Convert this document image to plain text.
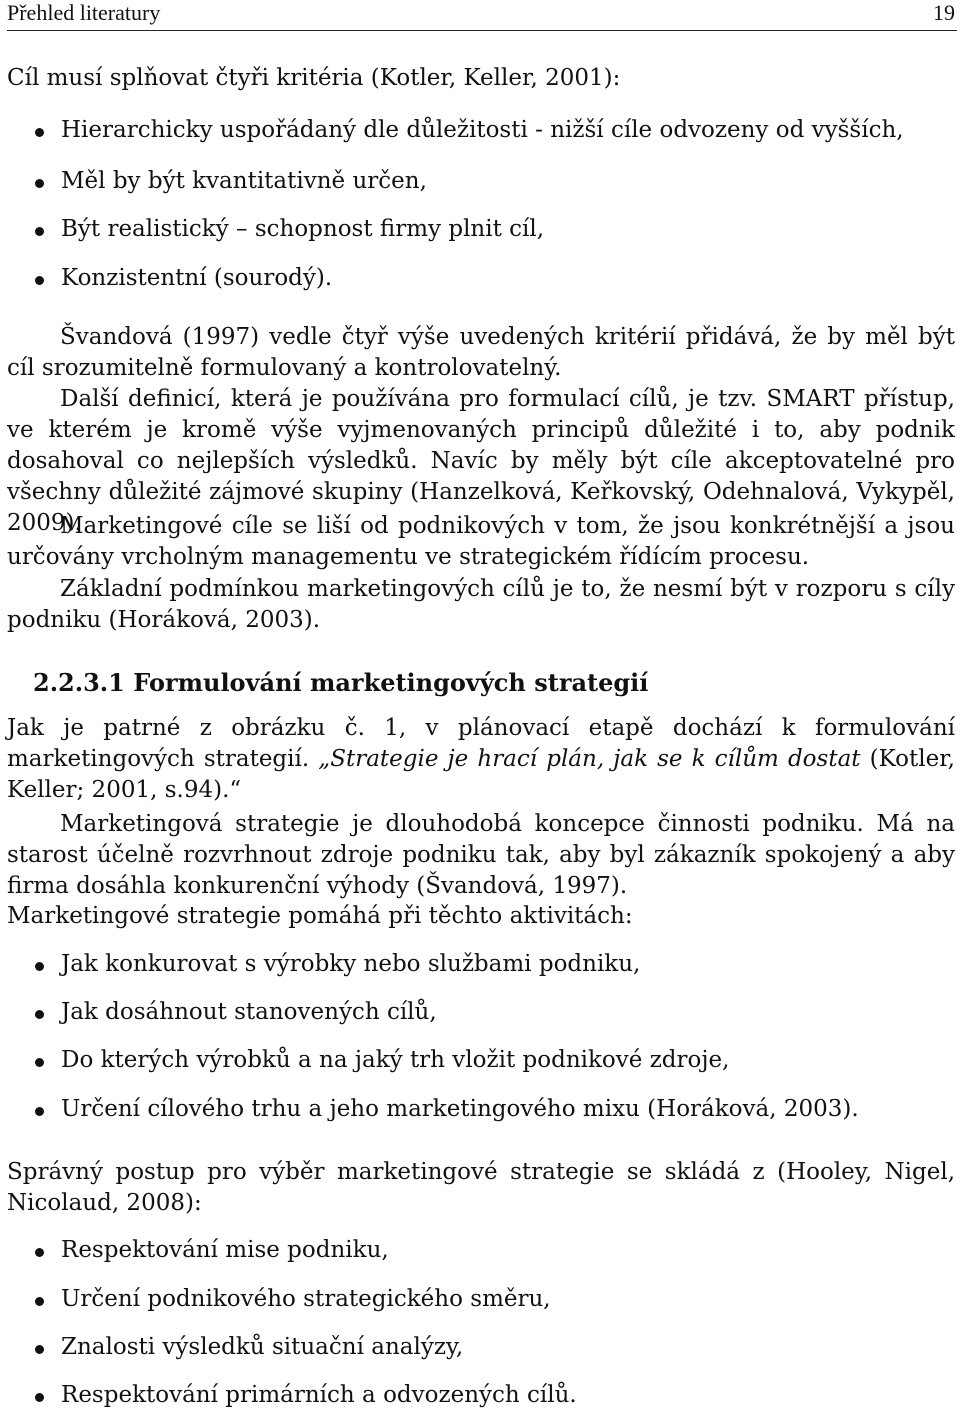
Přehled literatury	19
Cíl musí splňovat čtyři kritéria (Kotler, Keller, 2001):
Hierarchicky uspořádaný dle důležitosti - nižší cíle odvozeny od vyšších,
Měl by být kvantitativně určen,
Být realistický – schopnost firmy plnit cíl,
Konzistentní (sourodý).
Švandová (1997) vedle čtyř výše uvedených kritérií přidává, že by měl být cíl srozumitelně formulovaný a kontrolovatelný.
Další definicí, která je používána pro formulací cílů, je tzv. SMART přístup, ve kterém je kromě výše vyjmenovaných principů důležité i to, aby podnik dosahoval co nejlepších výsledků. Navíc by měly být cíle akceptovatelné pro všechny důležité zájmové skupiny (Hanzelková, Keřkovský, Odehnalová, Vykypěl, 2009).
Marketingové cíle se liší od podnikových v tom, že jsou konkrétnější a jsou určovány vrcholným managementu ve strategickém řídícím procesu.
Základní podmínkou marketingových cílů je to, že nesmí být v rozporu s cíly podniku (Horáková, 2003).
2.2.3.1 Formulování marketingových strategií
Jak je patrné z obrázku č. 1, v plánovací etapě dochází k formulování marketingových strategií. „Strategie je hrací plán, jak se k cílům dostat (Kotler, Keller; 2001, s.94).“
Marketingová strategie je dlouhodobá koncepce činnosti podniku. Má na starost účelně rozvrhnout zdroje podniku tak, aby byl zákazník spokojený a aby firma dosáhla konkurenční výhody (Švandová, 1997).
Marketingové strategie pomáhá při těchto aktivitách:
Jak konkurovat s výrobky nebo službami podniku,
Jak dosáhnout stanovených cílů,
Do kterých výrobků a na jaký trh vložit podnikové zdroje,
Určení cílového trhu a jeho marketingového mixu (Horáková, 2003).
Správný postup pro výběr marketingové strategie se skládá z (Hooley, Nigel, Nicolaud, 2008):
Respektování mise podniku,
Určení podnikového strategického směru,
Znalosti výsledků situační analýzy,
Respektování primárních a odvozených cílů.
